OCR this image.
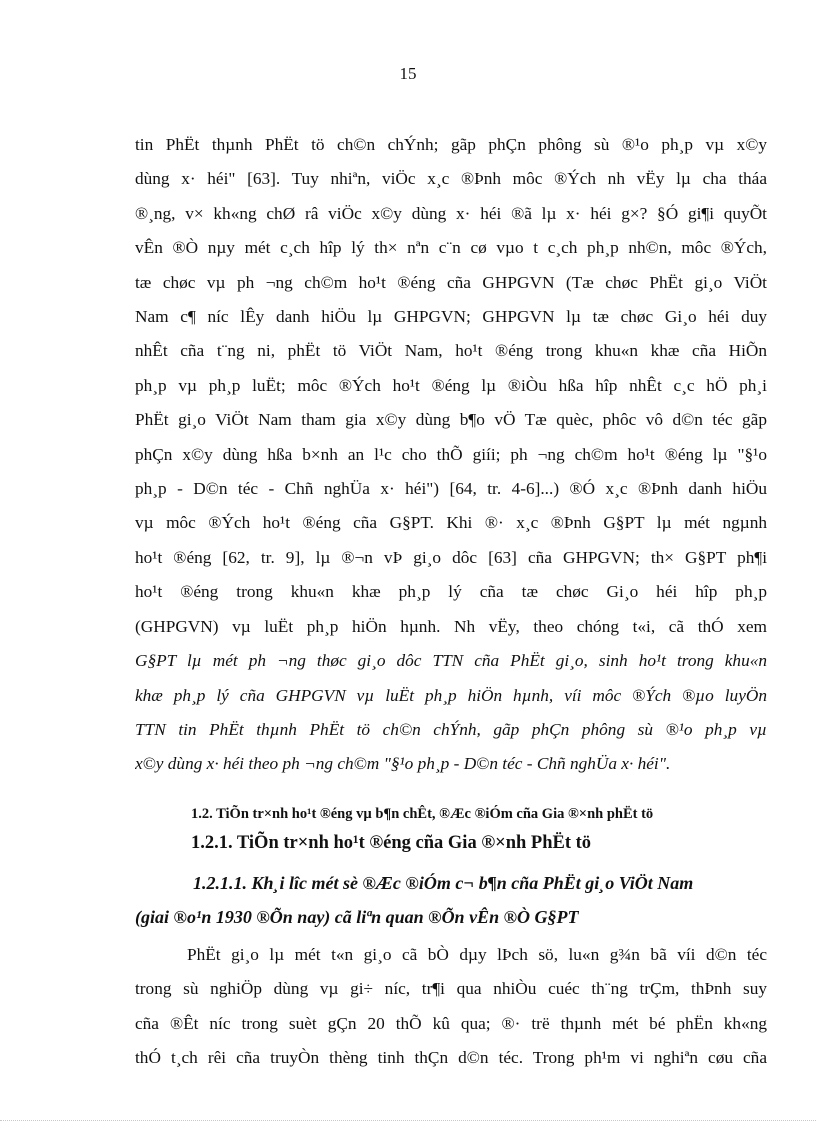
15
tin PhËt thµnh PhËt tö ch©n chÝnh; gãp phÇn phông sù ®¹o ph¸p vµ x©y
dùng x· héi" [63]. Tuy nhiªn, viÖc x¸c ®Þnh môc ®Ých nh vËy lµ cha tháa
®¸ng, v× kh«ng chØ râ viÖc x©y dùng x· héi ®ã lµ x· héi g×? §Ó gi¶i quyÕt
vÊn ®Ò nµy mét c¸ch hîp lý th× nªn c¨n cø vµo t c¸ch ph¸p nh©n, môc ®Ých,
tæ chøc vµ ph ¬ng ch©m ho¹t ®éng cña GHPGVN (Tæ chøc PhËt gi¸o ViÖt
Nam c¶ níc lÊy danh hiÖu lµ GHPGVN; GHPGVN lµ tæ chøc Gi¸o héi duy
nhÊt cña t¨ng ni, phËt tö ViÖt Nam, ho¹t ®éng trong khu«n khæ cña HiÕn
ph¸p vµ ph¸p luËt; môc ®Ých ho¹t ®éng lµ ®iÒu hßa hîp nhÊt c¸c hÖ ph¸i
PhËt gi¸o ViÖt Nam tham gia x©y dùng b¶o vÖ Tæ quèc, phôc vô d©n téc gãp
phÇn x©y dùng hßa b×nh an l¹c cho thÕ giíi; ph ¬ng ch©m ho¹t ®éng lµ "§¹o
ph¸p - D©n téc - Chñ nghÜa x· héi") [64, tr. 4-6]...) ®Ó x¸c ®Þnh danh hiÖu
vµ môc ®Ých ho¹t ®éng cña G§PT. Khi ®· x¸c ®Þnh G§PT lµ mét ngµnh
ho¹t ®éng [62, tr. 9], lµ ®¬n vÞ gi¸o dôc [63] cña GHPGVN; th× G§PT ph¶i
ho¹t ®éng trong khu«n khæ ph¸p lý cña tæ chøc Gi¸o héi hîp ph¸p
(GHPGVN) vµ luËt ph¸p hiÖn hµnh. Nh vËy, theo chóng t«i, cã thÓ xem
G§PT lµ mét ph ¬ng thøc gi¸o dôc TTN cña PhËt gi¸o, sinh ho¹t trong khu«n
khæ ph¸p lý cña GHPGVN vµ luËt ph¸p hiÖn hµnh, víi môc ®Ých ®µo luyÖn
TTN tin PhËt thµnh PhËt tö ch©n chÝnh, gãp phÇn phông sù ®¹o ph¸p vµ
x©y dùng x· héi theo ph ¬ng ch©m "§¹o ph¸p - D©n téc - Chñ nghÜa x· héi".
1.2. TiÕn tr×nh ho¹t ®éng vµ b¶n chÊt, ®Æc ®iÓm cña Gia ®×nh phËt tö
1.2.1. TiÕn tr×nh ho¹t ®éng cña Gia ®×nh PhËt tö
1.2.1.1. Kh¸i lîc mét sè ®Æc ®iÓm c¬ b¶n cña PhËt gi¸o ViÖt Nam
(giai ®o¹n 1930 ®Õn nay) cã liªn quan ®Õn vÊn ®Ò G§PT
PhËt gi¸o lµ mét t«n gi¸o cã bÒ dµy lÞch sö, lu«n g¾n bã víi d©n téc
trong sù nghiÖp dùng vµ gi÷ níc, tr¶i qua nhiÒu cuéc th¨ng trÇm, thÞnh suy
cña ®Êt níc trong suèt gÇn 20 thÕ kû qua; ®· trë thµnh mét bé phËn kh«ng
thÓ t¸ch rêi cña truyÒn thèng tinh thÇn d©n téc. Trong ph¹m vi nghiªn cøu cña
